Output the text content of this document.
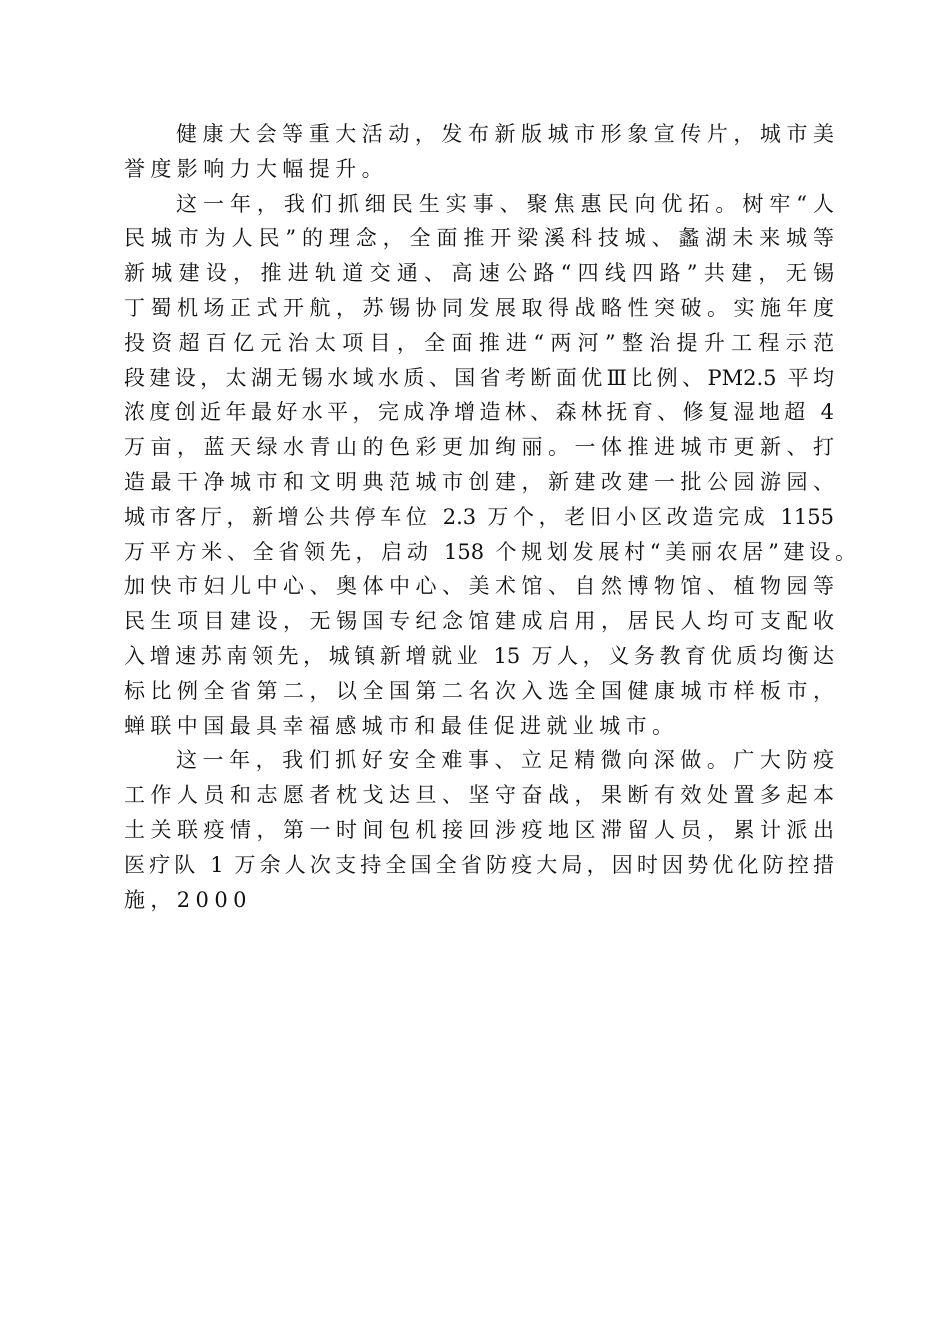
健康大会等重大活动，发布新版城市形象宣传片，城市美
誉度影响力大幅提升。
这一年，我们抓细民生实事、聚焦惠民向优拓。树牢“人
民城市为人民”的理念，全面推开梁溪科技城、蠡湖未来城等
新城建设，推进轨道交通、高速公路“四线四路”共建，无锡
丁蜀机场正式开航，苏锡协同发展取得战略性突破。实施年度
投资超百亿元治太项目，全面推进“两河”整治提升工程示范
段建设，太湖无锡水域水质、国省考断面优Ⅲ比例、PM2.5 平均
浓度创近年最好水平，完成净增造林、森林抚育、修复湿地超 4
万亩，蓝天绿水青山的色彩更加绚丽。一体推进城市更新、打
造最干净城市和文明典范城市创建，新建改建一批公园游园、
城市客厅，新增公共停车位 2.3 万个，老旧小区改造完成 1155
万平方米、全省领先，启动 158 个规划发展村“美丽农居”建设。
加快市妇儿中心、奥体中心、美术馆、自然博物馆、植物园等
民生项目建设，无锡国专纪念馆建成启用，居民人均可支配收
入增速苏南领先，城镇新增就业 15 万人，义务教育优质均衡达
标比例全省第二，以全国第二名次入选全国健康城市样板市，
蝉联中国最具幸福感城市和最佳促进就业城市。
这一年，我们抓好安全难事、立足精微向深做。广大防疫
工作人员和志愿者枕戈达旦、坚守奋战，果断有效处置多起本
土关联疫情，第一时间包机接回涉疫地区滞留人员，累计派出
医疗队 1 万余人次支持全国全省防疫大局，因时因势优化防控措
施，2000
